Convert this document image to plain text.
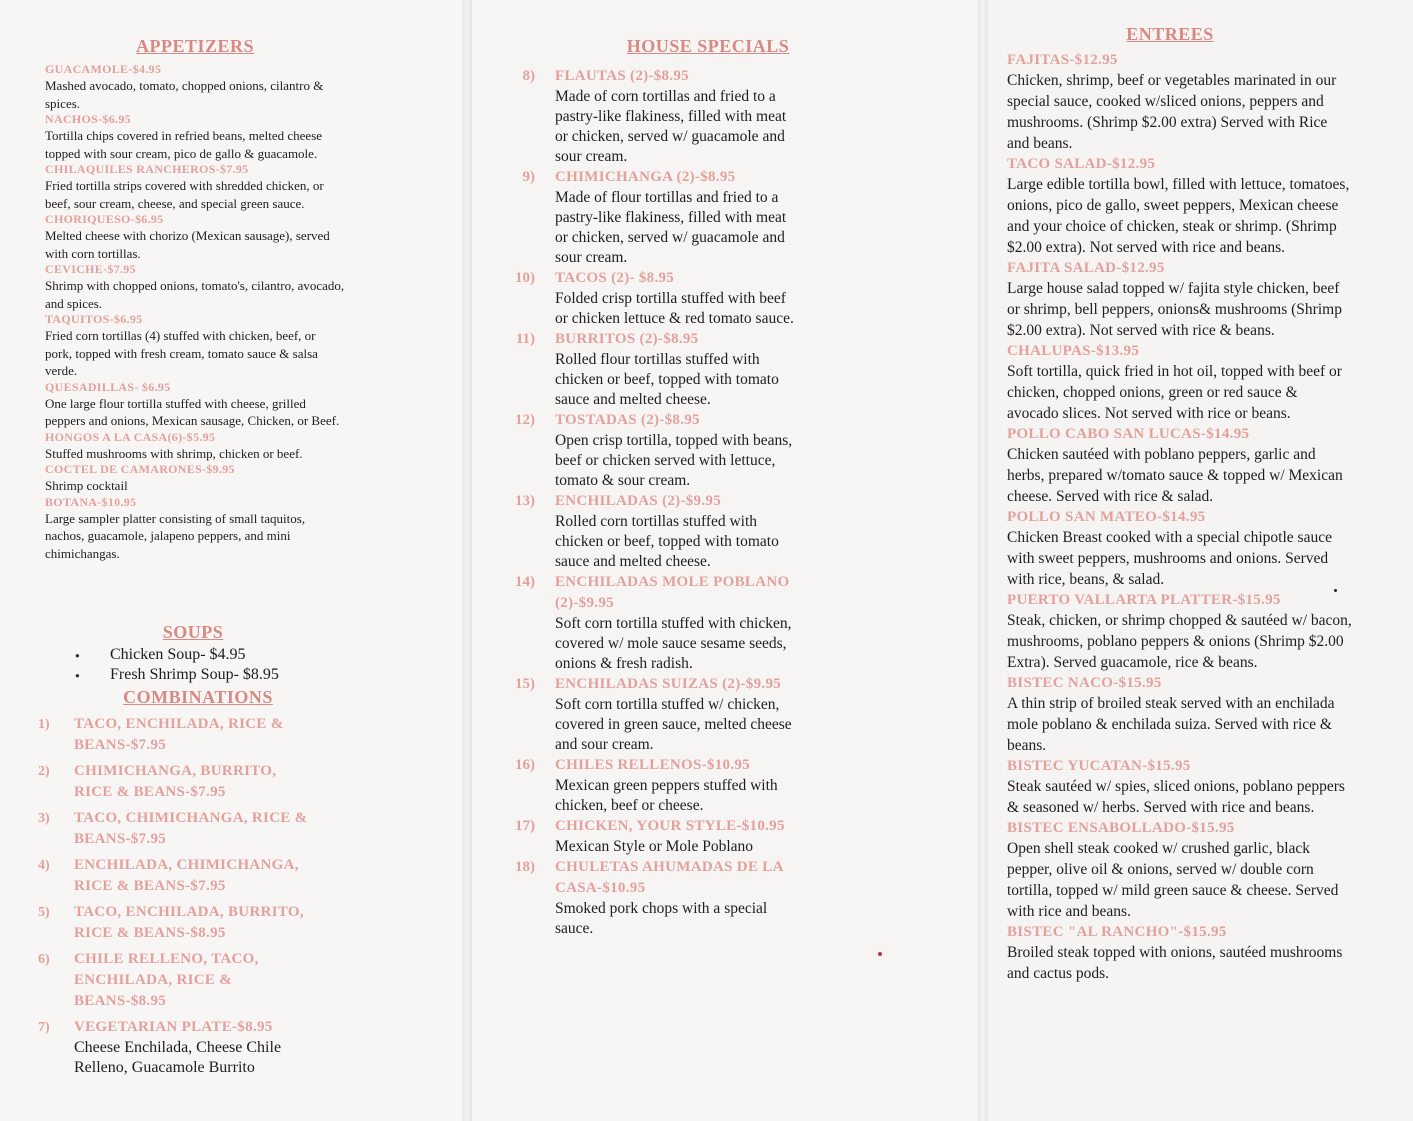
APPETIZERS	HOUSE SPECIALS
ENTREES
SOUPS
COMBINATIONS
GUACAMOLE-$4.95
Mashed avocado, tomato, chopped onions, cilantro & spices.
NACHOS-$6.95
Tortilla chips covered in refried beans, melted cheese topped with sour cream, pico de gallo & guacamole.
CHILAQUILES RANCHEROS-$7.95
Fried tortilla strips covered with shredded chicken, or beef, sour cream, cheese, and special green sauce.
CHORIQUESO-$6.95
Melted cheese with chorizo (Mexican sausage), served with corn tortillas.
CEVICHE-$7.95
Shrimp with chopped onions, tomato's, cilantro, avocado, and spices.
TAQUITOS-$6.95
Fried corn tortillas (4) stuffed with chicken, beef, or pork, topped with fresh cream, tomato sauce & salsa verde.
QUESADILLAS- $6.95
One large flour tortilla stuffed with cheese, grilled peppers and onions, Mexican sausage, Chicken, or Beef.
HONGOS A LA CASA(6)-$5.95
Stuffed mushrooms with shrimp, chicken or beef.
COCTEL DE CAMARONES-$9.95
Shrimp cocktail
BOTANA-$10.95
Large sampler platter consisting of small taquitos, nachos, guacamole, jalapeno peppers, and mini chimichangas.
● Chicken Soup- $4.95
● Fresh Shrimp Soup- $8.95
1) TACO, ENCHILADA, RICE & BEANS-$7.95
2) CHIMICHANGA, BURRITO, RICE & BEANS-$7.95
3) TACO, CHIMICHANGA, RICE & BEANS-$7.95
4) ENCHILADA, CHIMICHANGA, RICE & BEANS-$7.95
5) TACO, ENCHILADA, BURRITO, RICE & BEANS-$8.95
6) CHILE RELLENO, TACO, ENCHILADA, RICE & BEANS-$8.95
7) VEGETARIAN PLATE-$8.95
Cheese Enchilada, Cheese Chile Relleno, Guacamole Burrito
8)	FLAUTAS (2)-$8.95
Made of corn tortillas and fried to a pastry-like flakiness, filled with meat or chicken, served w/ guacamole and sour cream.
9)	CHIMICHANGA (2)-$8.95
Made of flour tortillas and fried to a pastry-like flakiness, filled with meat or chicken, served w/ guacamole and sour cream.
10)	TACOS (2)- $8.95
Folded crisp tortilla stuffed with beef or chicken lettuce & red tomato sauce.
11)	BURRITOS (2)-$8.95
Rolled flour tortillas stuffed with chicken or beef, topped with tomato sauce and melted cheese.
12)	TOSTADAS (2)-$8.95
Open crisp tortilla, topped with beans, beef or chicken served with lettuce, tomato & sour cream.
13)	ENCHILADAS (2)-$9.95
Rolled corn tortillas stuffed with chicken or beef, topped with tomato sauce and melted cheese.
14)	ENCHILADAS MOLE POBLANO (2)-$9.95
Soft corn tortilla stuffed with chicken, covered w/ mole sauce sesame seeds, onions & fresh radish.
15)	ENCHILADAS SUIZAS (2)-$9.95
Soft corn tortilla stuffed w/ chicken, covered in green sauce, melted cheese and sour cream.
16)	CHILES RELLENOS-$10.95
Mexican green peppers stuffed with chicken, beef or cheese.
17)	CHICKEN, YOUR STYLE-$10.95
Mexican Style or Mole Poblano
18)	CHULETAS AHUMADAS DE LA CASA-$10.95
Smoked pork chops with a special sauce.
FAJITAS-$12.95
Chicken, shrimp, beef or vegetables marinated in our special sauce, cooked w/sliced onions, peppers and mushrooms. (Shrimp $2.00 extra) Served with Rice and beans.
TACO SALAD-$12.95
Large edible tortilla bowl, filled with lettuce, tomatoes, onions, pico de gallo, sweet peppers, Mexican cheese and your choice of chicken, steak or shrimp. (Shrimp $2.00 extra). Not served with rice and beans.
FAJITA SALAD-$12.95
Large house salad topped w/ fajita style chicken, beef or shrimp, bell peppers, onions& mushrooms (Shrimp $2.00 extra). Not served with rice & beans.
CHALUPAS-$13.95
Soft tortilla, quick fried in hot oil, topped with beef or chicken, chopped onions, green or red sauce & avocado slices. Not served with rice or beans.
POLLO CABO SAN LUCAS-$14.95
Chicken sautéed with poblano peppers, garlic and herbs, prepared w/tomato sauce & topped w/ Mexican cheese. Served with rice & salad.
POLLO SAN MATEO-$14.95
Chicken Breast cooked with a special chipotle sauce with sweet peppers, mushrooms and onions. Served with rice, beans, & salad.
PUERTO VALLARTA PLATTER-$15.95
Steak, chicken, or shrimp chopped & sautéed w/ bacon, mushrooms, poblano peppers & onions (Shrimp $2.00 Extra). Served guacamole, rice & beans.
BISTEC NACO-$15.95
A thin strip of broiled steak served with an enchilada mole poblano & enchilada suiza. Served with rice & beans.
BISTEC YUCATAN-$15.95
Steak sautéed w/ spies, sliced onions, poblano peppers & seasoned w/ herbs. Served with rice and beans.
BISTEC ENSABOLLADO-$15.95
Open shell steak cooked w/ crushed garlic, black pepper, olive oil & onions, served w/ double corn tortilla, topped w/ mild green sauce & cheese. Served with rice and beans.
BISTEC "AL RANCHO"-$15.95
Broiled steak topped with onions, sautéed mushrooms and cactus pods.
